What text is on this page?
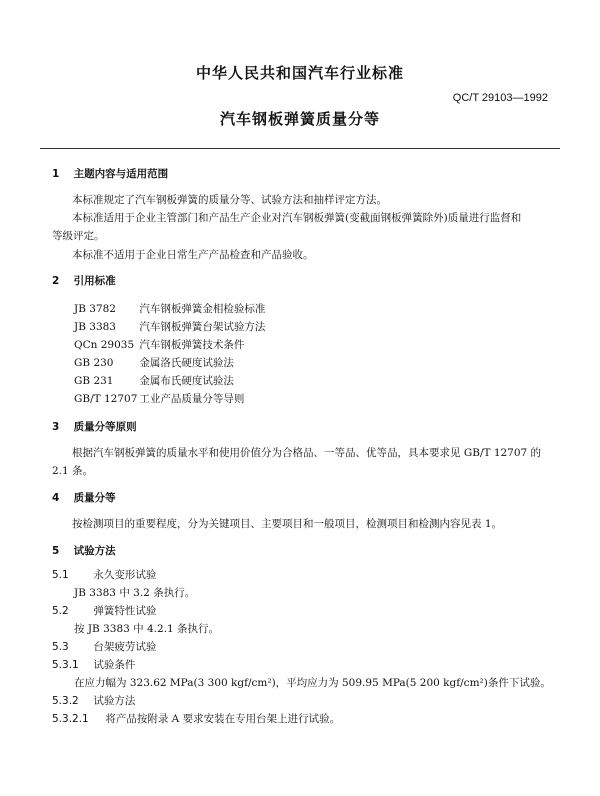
中华人民共和国汽车行业标准
QC/T 29103—1992
汽车钢板弹簧质量分等
1 主题内容与适用范围
本标准规定了汽车钢板弹簧的质量分等、试验方法和抽样评定方法。
本标准适用于企业主管部门和产品生产企业对汽车钢板弹簧(变截面钢板弹簧除外)质量进行监督和
等级评定。
本标准不适用于企业日常生产产品检查和产品验收。
2 引用标准
JB 3782 汽车钢板弹簧金相检验标准
JB 3383 汽车钢板弹簧台架试验方法
QCn 29035 汽车钢板弹簧技术条件
GB 230 金属洛氏硬度试验法
GB 231 金属布氏硬度试验法
GB/T 12707 工业产品质量分等导则
3 质量分等原则
根据汽车钢板弹簧的质量水平和使用价值分为合格品、一等品、优等品，具本要求见 GB/T 12707 的
2.1 条。
4 质量分等
按检测项目的重要程度，分为关键项目、主要项目和一般项目，检测项目和检测内容见表 1。
5 试验方法
5.1 永久变形试验
JB 3383 中 3.2 条执行。
5.2 弹簧特性试验
按 JB 3383 中 4.2.1 条执行。
5.3 台架疲劳试验
5.3.1 试验条件
在应力幅为 323.62 MPa(3 300 kgf/cm²)，平均应力为 509.95 MPa(5 200 kgf/cm²)条件下试验。
5.3.2 试验方法
5.3.2.1 将产品按附录 A 要求安装在专用台架上进行试验。
